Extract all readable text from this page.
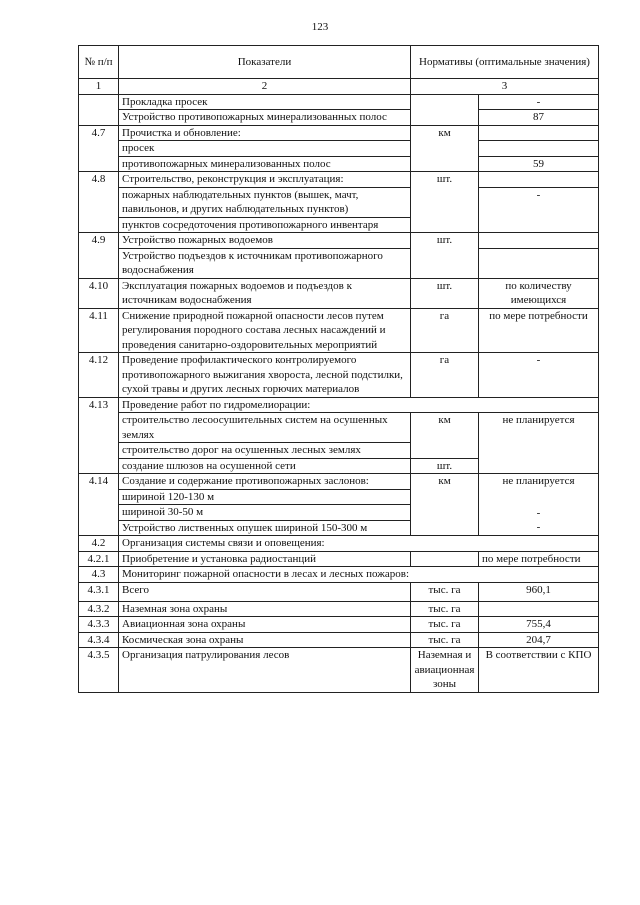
123
№ п/п	Показатели	Нормативы (оптимальные значения)	
1	2	3	
	Прокладка просек		-
	Устройство противопожарных минерализованных полос		87
4.7	Прочистка и обновление:	км	
	просек		
	противопожарных минерализованных полос		59
4.8	Строительство, реконструкция и эксплуатация:	шт.	
	пожарных наблюдательных пунктов (вышек, мачт, павильонов, и других наблюдательных пунктов)		-
	пунктов сосредоточения противопожарного инвентаря		
4.9	Устройство пожарных водоемов	шт.	
	Устройство подъездов к источникам противопожарного водоснабжения		
4.10	Эксплуатация пожарных водоемов и подъездов к источникам водоснабжения	шт.	по количеству имеющихся
4.11	Снижение природной пожарной опасности лесов путем регулирования породного состава лесных насаждений и проведения санитарно-оздоровительных мероприятий	га	по мере потребности
4.12	Проведение профилактического контролируемого противопожарного выжигания хвороста, лесной подстилки, сухой травы и других лесных горючих материалов	га	-
4.13	Проведение работ по гидромелиорации:		
	строительство лесоосушительных систем на осушенных землях	км	не планируется
	строительство дорог на осушенных лесных землях		
	создание шлюзов на осушенной сети	шт.	
4.14	Создание и содержание противопожарных заслонов:	км	не планируется
	шириной 120-130 м		
	шириной 30-50 м		-
	Устройство лиственных опушек шириной 150-300 м		-
4.2	Организация системы связи и оповещения:		
4.2.1	Приобретение и установка радиостанций		по мере потребности
4.3	Мониторинг пожарной опасности в лесах и лесных пожаров:		
4.3.1	Всего	тыс. га	960,1
4.3.2	Наземная зона охраны	тыс. га	
4.3.3	Авиационная зона охраны	тыс. га	755,4
4.3.4	Космическая зона охраны	тыс. га	204,7
4.3.5	Организация патрулирования лесов	Наземная и авиационная зоны	В соответствии с КПО
